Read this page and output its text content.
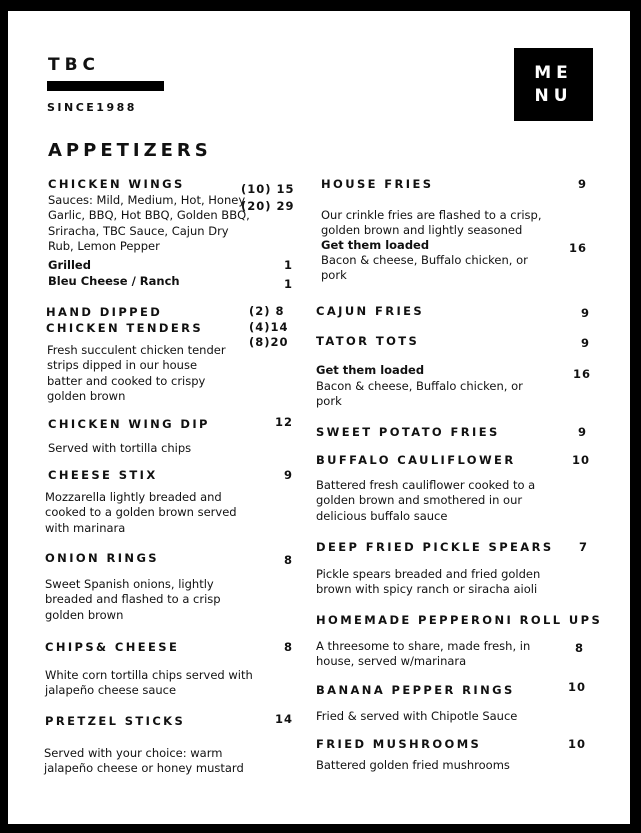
TBC
SINCE1988
ME
NU
APPETIZERS
CHICKEN WINGS	(10) 15
(20) 29
Sauces: Mild, Medium, Hot, Honey Garlic, BBQ, Hot BBQ, Golden BBQ, Sriracha, TBC Sauce, Cajun Dry Rub, Lemon Pepper
Grilled	1
Bleu Cheese / Ranch	1
HAND DIPPED
CHICKEN TENDERS
(2) 8
(4)14
(8)20
Fresh succulent chicken tender strips dipped in our house batter and cooked to crispy golden brown
CHICKEN WING DIP	12
Served with tortilla chips
CHEESE STIX	9
Mozzarella lightly breaded and cooked to a golden brown served with marinara
ONION RINGS	8
Sweet Spanish onions, lightly breaded and flashed to a crisp golden brown
CHIPS& CHEESE	8
White corn tortilla chips served with jalapeño cheese sauce
PRETZEL STICKS	14
Served with your choice: warm jalapeño cheese or honey mustard
HOUSE FRIES	9
Our crinkle fries are flashed to a crisp, golden brown and lightly seasoned
Get them loaded	16
Bacon & cheese, Buffalo chicken, or pork
CAJUN FRIES	9
TATOR TOTS	9
Get them loaded	16
Bacon & cheese, Buffalo chicken, or pork
SWEET POTATO FRIES	9
BUFFALO CAULIFLOWER	10
Battered fresh cauliflower cooked to a golden brown and smothered in our delicious buffalo sauce
DEEP FRIED PICKLE SPEARS 7
Pickle spears breaded and fried golden brown with spicy ranch or siracha aioli
HOMEMADE PEPPERONI ROLL UPS
8
A threesome to share, made fresh, in house, served w/marinara
BANANA PEPPER RINGS	10
Fried & served with Chipotle Sauce
FRIED MUSHROOMS	10
Battered golden fried mushrooms
